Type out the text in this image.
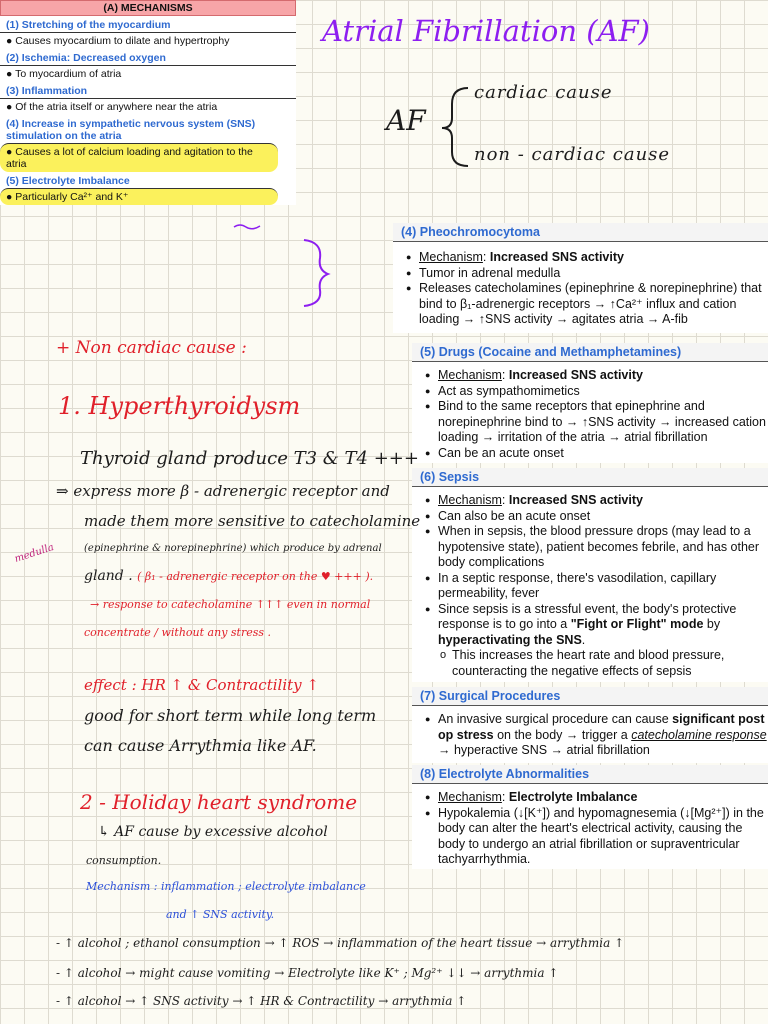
Atrial Fibrillation (AF)
(A) MECHANISMS
(1) Stretching of the myocardium
● Causes myocardium to dilate and hypertrophy
(2) Ischemia: Decreased oxygen
● To myocardium of atria
(3) Inflammation
● Of the atria itself or anywhere near the atria
(4) Increase in sympathetic nervous system (SNS) stimulation on the atria
● Causes a lot of calcium loading and agitation to the atria
(5) Electrolyte Imbalance
● Particularly Ca²⁺ and K⁺
AF
cardiac cause
non - cardiac cause
(4) Pheochromocytoma
● Mechanism: Increased SNS activity
● Tumor in adrenal medulla
● Releases catecholamines (epinephrine & norepinephrine) that bind to β₁-adrenergic receptors → ↑Ca²⁺ influx and cation loading → ↑SNS activity → agitates atria → A-fib
(5) Drugs (Cocaine and Methamphetamines)
● Mechanism: Increased SNS activity
● Act as sympathomimetics
● Bind to the same receptors that epinephrine and norepinephrine bind to → ↑SNS activity → increased cation loading → irritation of the atria → atrial fibrillation
● Can be an acute onset
(6) Sepsis
● Mechanism: Increased SNS activity
● Can also be an acute onset
● When in sepsis, the blood pressure drops (may lead to a hypotensive state), patient becomes febrile, and has other body complications
● In a septic response, there's vasodilation, capillary permeability, fever
● Since sepsis is a stressful event, the body's protective response is to go into a "Fight or Flight" mode by hyperactivating the SNS.
o This increases the heart rate and blood pressure, counteracting the negative effects of sepsis
(7) Surgical Procedures
● An invasive surgical procedure can cause significant post op stress on the body → trigger a catecholamine response → hyperactive SNS → atrial fibrillation
(8) Electrolyte Abnormalities
● Mechanism: Electrolyte Imbalance
● Hypokalemia (↓[K⁺]) and hypomagnesemia (↓[Mg²⁺]) in the body can alter the heart's electrical activity, causing the body to undergo an atrial fibrillation or supraventricular tachyarrhythmia.
+ Non cardiac cause :
1. Hyperthyroidysm
Thyroid gland produce T3 & T4 +++
⇒ express more β - adrenergic receptor and
made them more sensitive to catecholamine
(epinephrine & norepinephrine) which produce by adrenal
medulla
gland . ( β₁ - adrenergic receptor on the ♥ +++ ).
→ response to catecholamine ↑↑↑ even in normal
concentrate / without any stress .
effect : HR ↑ & Contractility ↑
good for short term while long term
can cause Arrythmia like AF.
2 - Holiday heart syndrome
↳ AF cause by excessive alcohol
consumption.
Mechanism : inflammation ; electrolyte imbalance
and ↑ SNS activity.
- ↑ alcohol ; ethanol consumption → ↑ ROS → inflammation of the heart tissue → arrythmia ↑
- ↑ alcohol → might cause vomiting → Electrolyte like K⁺ ; Mg²⁺ ↓↓ → arrythmia ↑
- ↑ alcohol → ↑ SNS activity → ↑ HR & Contractility → arrythmia ↑
